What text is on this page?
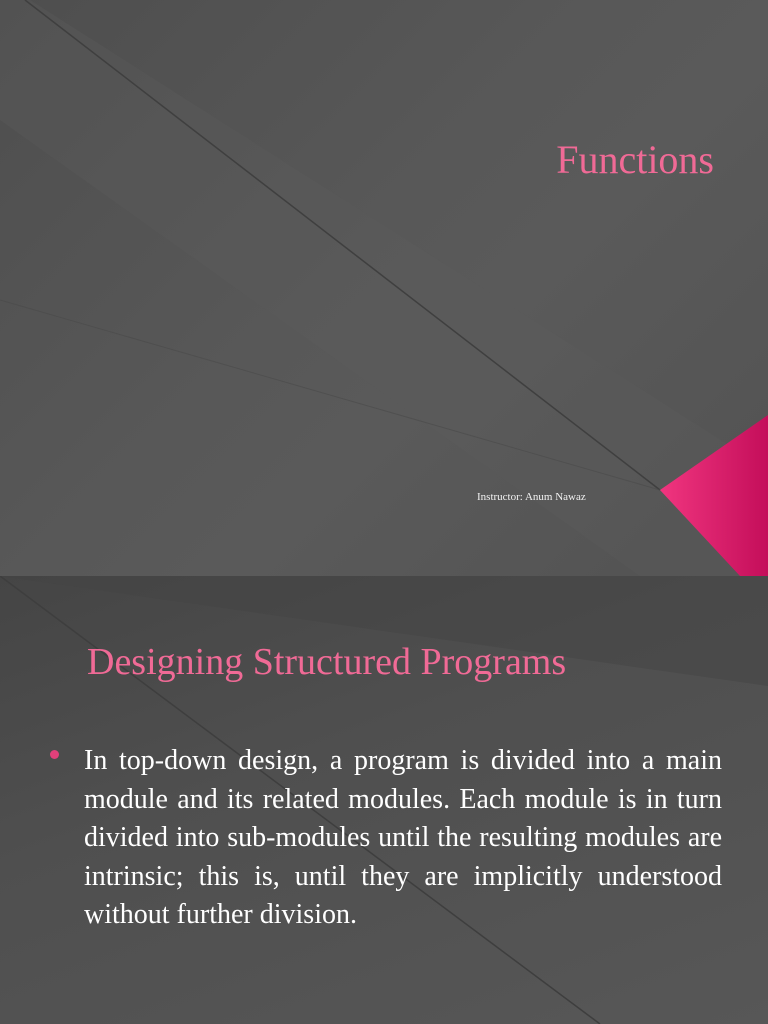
Functions

Instructor: Anum Nawaz

Designing Structured Programs

In top-down design, a program is divided into a main module and its related modules. Each module is in turn divided into sub-modules until the resulting modules are intrinsic; this is, until they are implicitly understood without further division.
